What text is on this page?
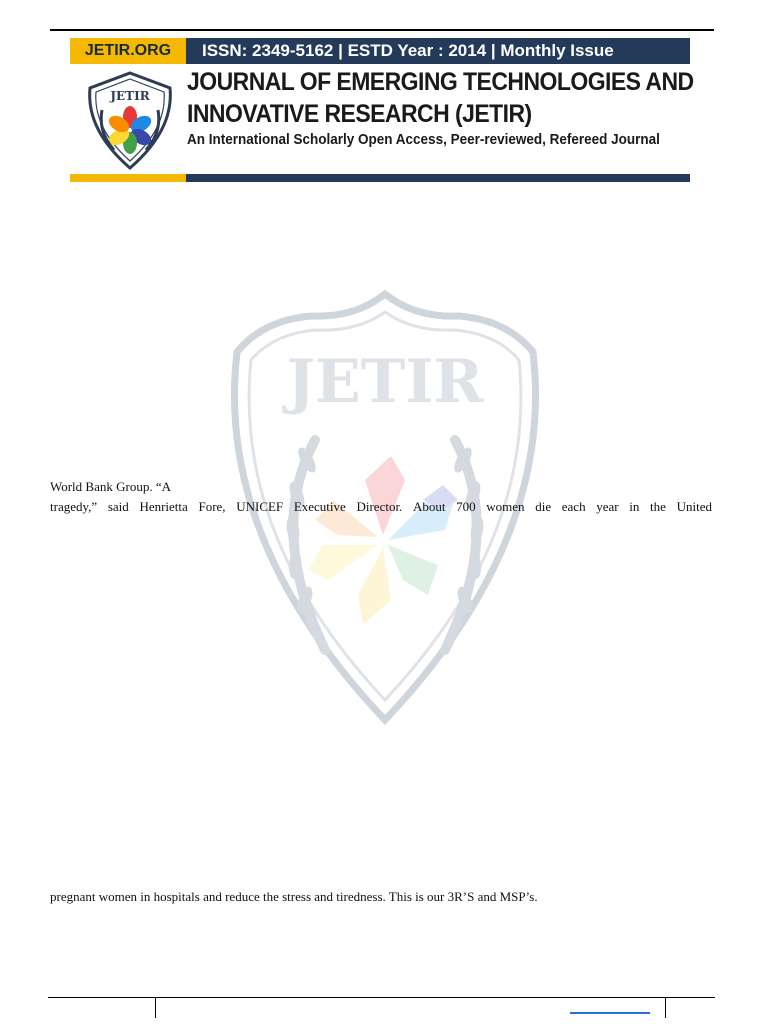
JETIR.ORG	ISSN: 2349-5162 | ESTD Year : 2014 | Monthly Issue
JETIR JOURNAL OF EMERGING TECHNOLOGIES AND
INNOVATIVE RESEARCH (JETIR)
An International Scholarly Open Access, Peer-reviewed, Refereed Journal
JETIR
World Bank Group. “A
tragedy,” said Henrietta Fore, UNICEF Executive Director. About 700 women die each year in the United
pregnant women in hospitals and reduce the stress and tiredness. This is our 3R’S and MSP’s.
